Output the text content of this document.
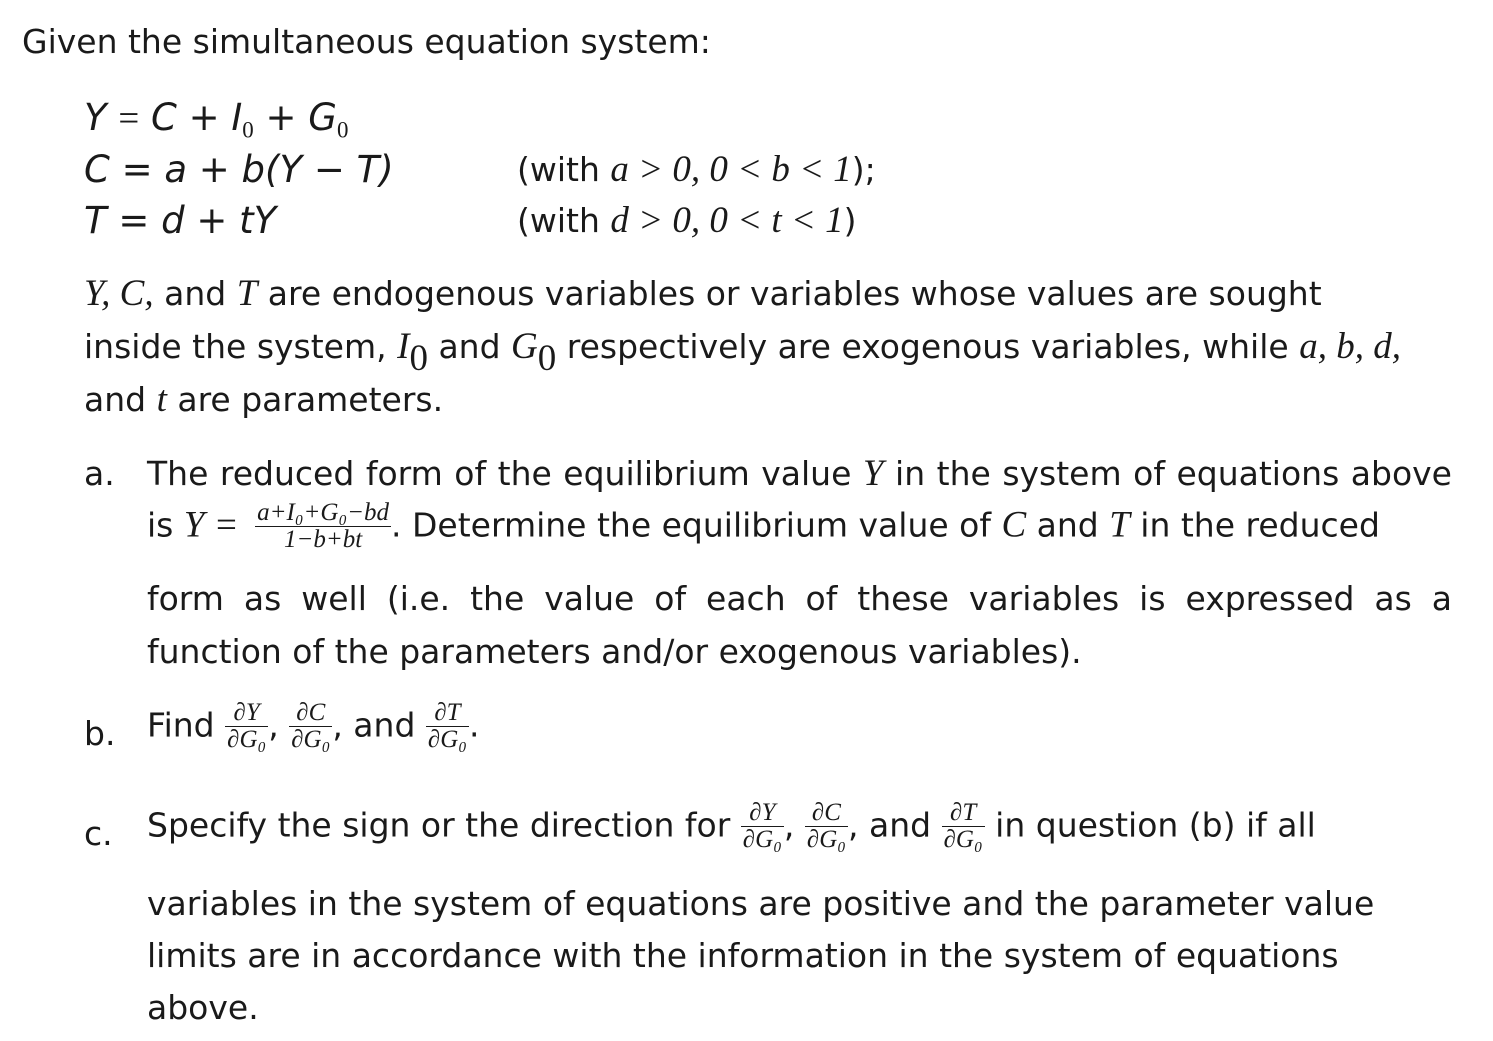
Given the simultaneous equation system:
$Y = C + I_0 + G_0$
C = a + b(Y − T)	(with a > 0, 0 < b < 1);
T = d + tY	(with d > 0, 0 < t < 1)
Y, C, and T are endogenous variables or variables whose values are sought
inside the system, $I_0$ and $G_0$ respectively are exogenous variables, while a, b, d,
and t are parameters.
a. The reduced form of the equilibrium value Y in the system of equations above
is $Y = \frac{\text{a+I₀+G₀−bd}}{1-b+bt}$ . Determine the equilibrium value of C and T in the reduced
form as well (i.e. the value of each of these variables is expressed as a
function of the parameters and/or exogenous variables).
b. Find $\frac{\partial Y}{\text{∂G₀}}$ , $\frac{\partial C}{\text{∂G₀}}$ , and $\frac{\partial T}{\text{∂G₀}}$ .
c. Specify the sign or the direction for $\frac{\partial Y}{\text{∂G₀}}$ , $\frac{\partial C}{\text{∂G₀}}$ , and $\frac{\partial T}{\text{∂G₀}}$ in question (b) if all
variables in the system of equations are positive and the parameter value
limits are in accordance with the information in the system of equations
above.
